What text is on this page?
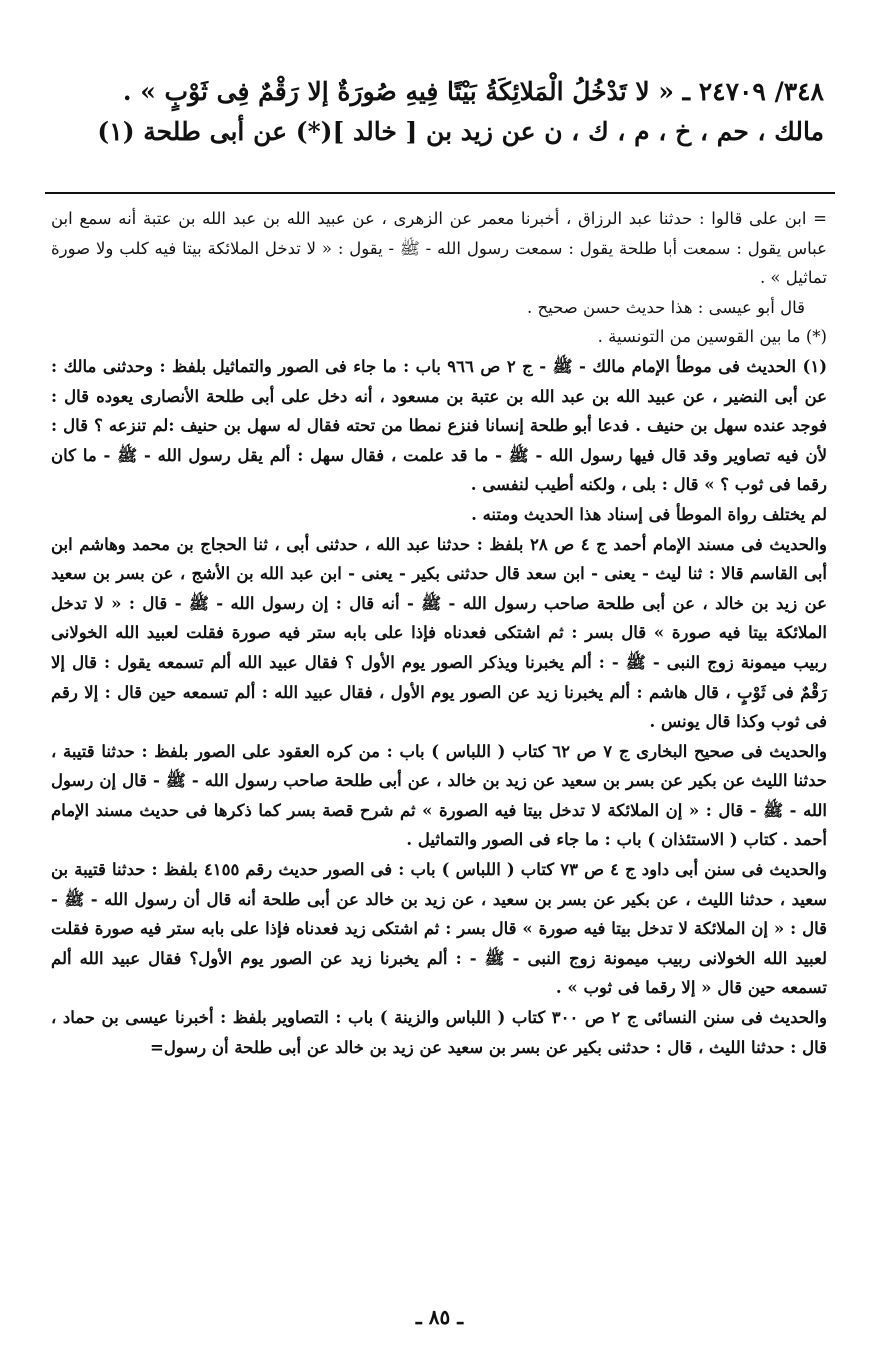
٣٤٨/ ٢٤٧٠٩ ـ « لا تَدْخُلُ الْمَلائِكَةُ بَيْتًا فِيهِ صُورَةٌ إلا رَقْمٌ فِى ثَوْبٍ » .
مالك ، حم ، خ ، م ، ك ، ن عن زيد بن [ خالد ](*) عن أبى طلحة (١)

= ابن على قالوا : حدثنا عبد الرزاق ، أخبرنا معمر عن الزهرى ، عن عبيد الله بن عبد الله بن عتبة أنه سمع ابن عباس يقول : سمعت أبا طلحة يقول : سمعت رسول الله - ﷺ - يقول : « لا تدخل الملائكة بيتا فيه كلب ولا صورة تماثيل » .

قال أبو عيسى : هذا حديث حسن صحيح .

(*) ما بين القوسين من التونسية .

(١) الحديث فى موطأ الإمام مالك - ﷺ - ج ٢ ص ٩٦٦ باب : ما جاء فى الصور والتماثيل بلفظ : وحدثنى مالك : عن أبى النضير ، عن عبيد الله بن عبد الله بن عتبة بن مسعود ، أنه دخل على أبى طلحة الأنصارى يعوده قال : فوجد عنده سهل بن حنيف . فدعا أبو طلحة إنسانا فنزع نمطا من تحته فقال له سهل بن حنيف :لم تنزعه ؟ قال : لأن فيه تصاوير وقد قال فيها رسول الله - ﷺ - ما قد علمت ، فقال سهل : ألم يقل رسول الله - ﷺ - ما كان رقما فى ثوب ؟ » قال : بلى ، ولكنه أطيب لنفسى .

لم يختلف رواة الموطأ فى إسناد هذا الحديث ومتنه .

والحديث فى مسند الإمام أحمد ج ٤ ص ٢٨ بلفظ : حدثنا عبد الله ، حدثنى أبى ، ثنا الحجاج بن محمد وهاشم ابن أبى القاسم قالا : ثنا ليث - يعنى - ابن سعد قال حدثنى بكير - يعنى - ابن عبد الله بن الأشج ، عن بسر بن سعيد عن زيد بن خالد ، عن أبى طلحة صاحب رسول الله - ﷺ - أنه قال : إن رسول الله - ﷺ - قال : « لا تدخل الملائكة بيتا فيه صورة » قال بسر : ثم اشتكى فعدناه فإذا على بابه ستر فيه صورة فقلت لعبيد الله الخولانى ربيب ميمونة زوج النبى - ﷺ - : ألم يخبرنا ويذكر الصور يوم الأول ؟ فقال عبيد الله ألم تسمعه يقول : قال إلا رَقْمٌ فى ثَوْبٍ ، قال هاشم : ألم يخبرنا زيد عن الصور يوم الأول ، فقال عبيد الله : ألم تسمعه حين قال : إلا رقم فى ثوب وكذا قال يونس .

والحديث فى صحيح البخارى ج ٧ ص ٦٢ كتاب ( اللباس ) باب : من كره العقود على الصور بلفظ : حدثنا قتيبة ، حدثنا الليث عن بكير عن بسر بن سعيد عن زيد بن خالد ، عن أبى طلحة صاحب رسول الله - ﷺ - قال إن رسول الله - ﷺ - قال : « إن الملائكة لا تدخل بيتا فيه الصورة » ثم شرح قصة بسر كما ذكرها فى حديث مسند الإمام أحمد . كتاب ( الاستئذان ) باب : ما جاء فى الصور والتماثيل .

والحديث فى سنن أبى داود ج ٤ ص ٧٣ كتاب ( اللباس ) باب : فى الصور حديث رقم ٤١٥٥ بلفظ : حدثنا قتيبة بن سعيد ، حدثنا الليث ، عن بكير عن بسر بن سعيد ، عن زيد بن خالد عن أبى طلحة أنه قال أن رسول الله - ﷺ - قال : « إن الملائكة لا تدخل بيتا فيه صورة » قال بسر : ثم اشتكى زيد فعدناه فإذا على بابه ستر فيه صورة فقلت لعبيد الله الخولانى ربيب ميمونة زوج النبى - ﷺ - : ألم يخبرنا زيد عن الصور يوم الأول؟ فقال عبيد الله ألم تسمعه حين قال « إلا رقما فى ثوب » .

والحديث فى سنن النسائى ج ٢ ص ٣٠٠ كتاب ( اللباس والزينة ) باب : التصاوير بلفظ : أخبرنا عيسى بن حماد ، قال : حدثنا الليث ، قال : حدثنى بكير عن بسر بن سعيد عن زيد بن خالد عن أبى طلحة أن رسول=

ـ ٨٥ ـ
